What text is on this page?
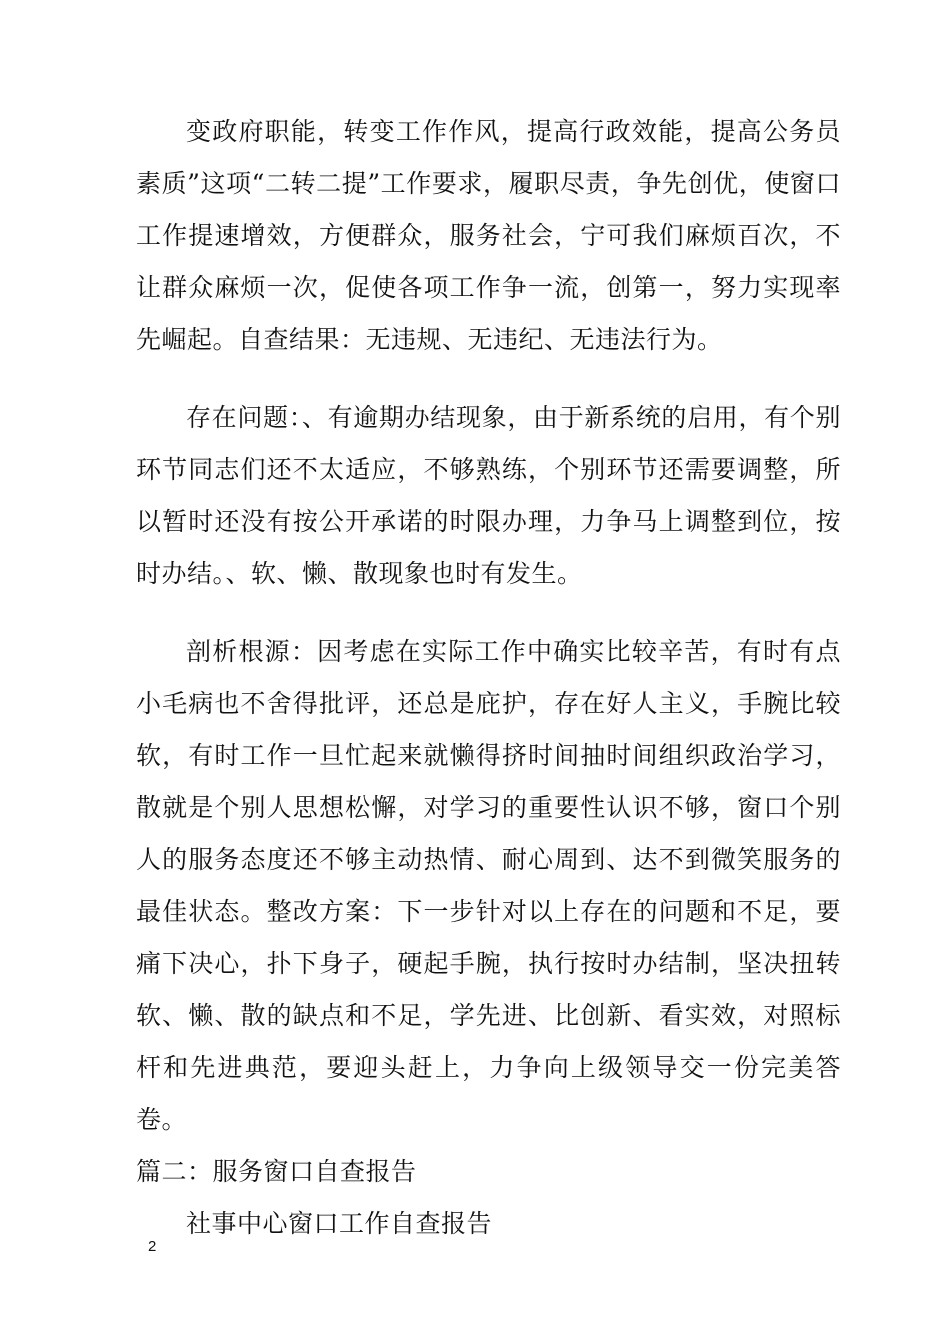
变政府职能，转变工作作风，提高行政效能，提高公务员素质”这项“二转二提”工作要求，履职尽责，争先创优，使窗口工作提速增效，方便群众，服务社会，宁可我们麻烦百次，不让群众麻烦一次，促使各项工作争一流，创第一，努力实现率先崛起。自查结果：无违规、无违纪、无违法行为。

存在问题：、有逾期办结现象，由于新系统的启用，有个别环节同志们还不太适应，不够熟练，个别环节还需要调整，所以暂时还没有按公开承诺的时限办理，力争马上调整到位，按时办结。、软、懒、散现象也时有发生。

剖析根源：因考虑在实际工作中确实比较辛苦，有时有点小毛病也不舍得批评，还总是庇护，存在好人主义，手腕比较软，有时工作一旦忙起来就懒得挤时间抽时间组织政治学习，散就是个别人思想松懈，对学习的重要性认识不够，窗口个别人的服务态度还不够主动热情、耐心周到、达不到微笑服务的最佳状态。整改方案：下一步针对以上存在的问题和不足，要痛下决心，扑下身子，硬起手腕，执行按时办结制，坚决扭转软、懒、散的缺点和不足，学先进、比创新、看实效，对照标杆和先进典范，要迎头赶上，力争向上级领导交一份完美答卷。

篇二：服务窗口自查报告

社事中心窗口工作自查报告

2
